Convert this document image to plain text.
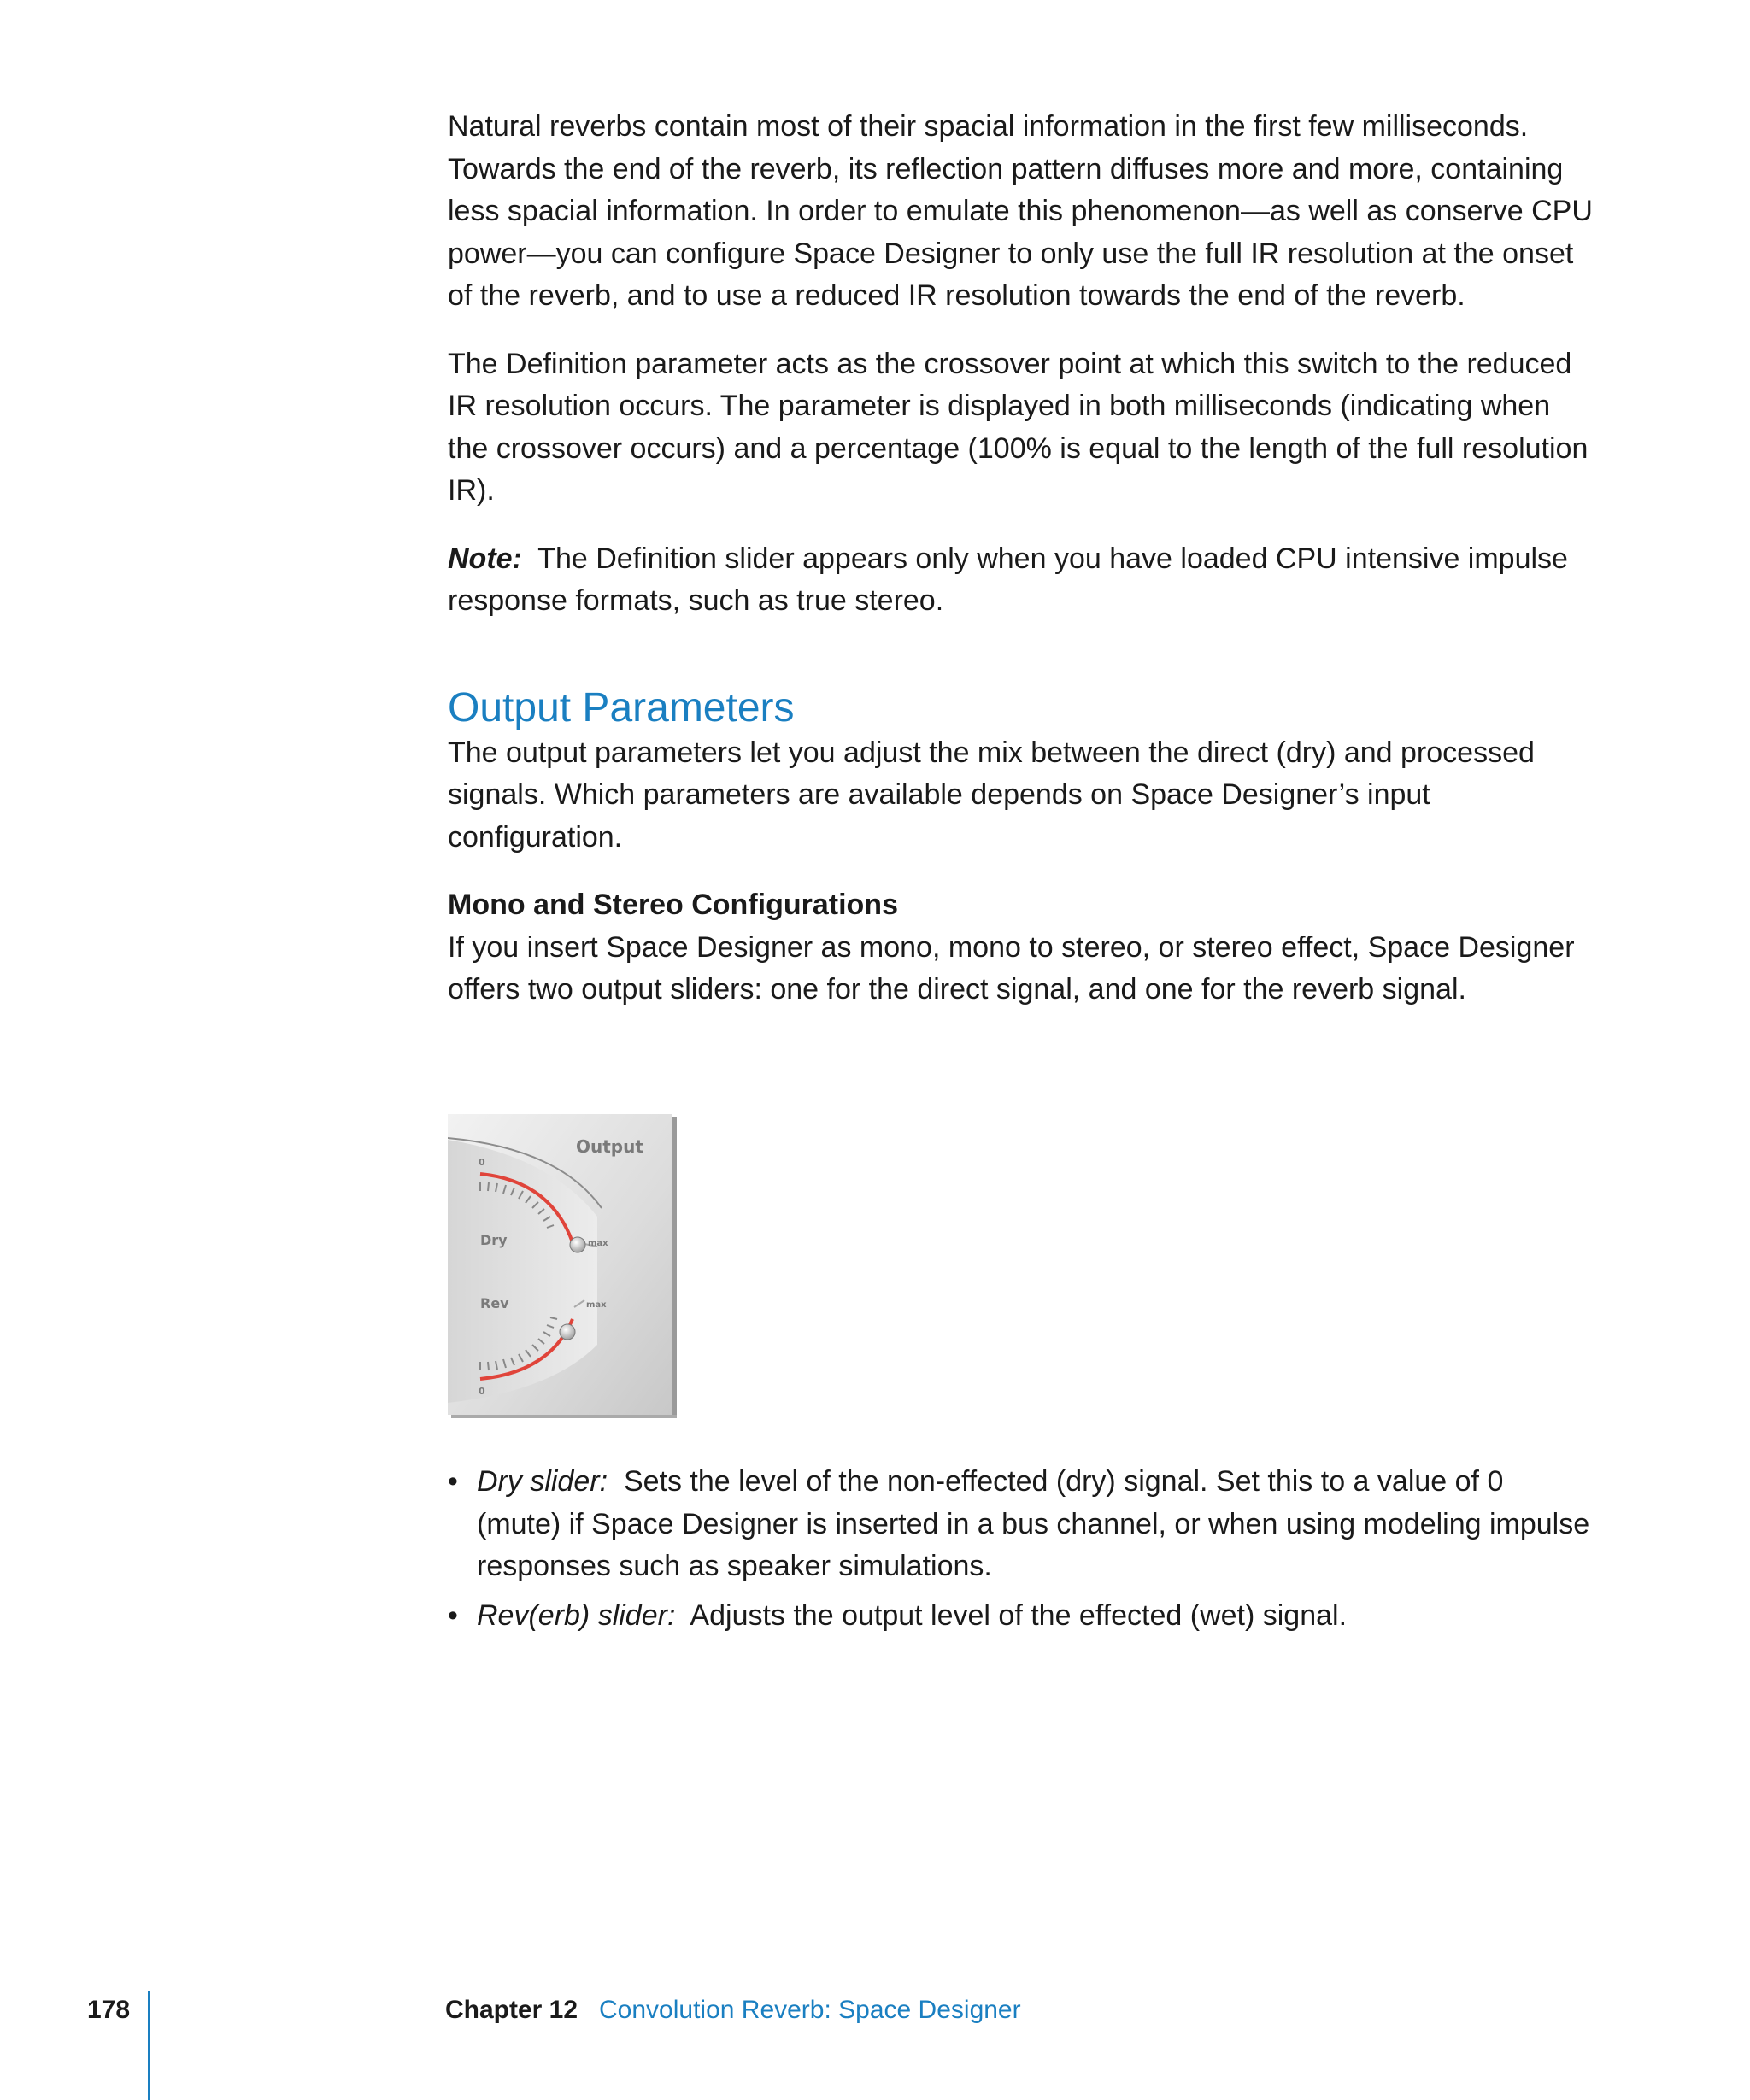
Natural reverbs contain most of their spacial information in the first few milliseconds. Towards the end of the reverb, its reflection pattern diffuses more and more, containing less spacial information. In order to emulate this phenomenon—as well as conserve CPU power—you can configure Space Designer to only use the full IR resolution at the onset of the reverb, and to use a reduced IR resolution towards the end of the reverb.

The Definition parameter acts as the crossover point at which this switch to the reduced IR resolution occurs. The parameter is displayed in both milliseconds (indicating when the crossover occurs) and a percentage (100% is equal to the length of the full resolution IR).

Note: The Definition slider appears only when you have loaded CPU intensive impulse response formats, such as true stereo.

Output Parameters

The output parameters let you adjust the mix between the direct (dry) and processed signals. Which parameters are available depends on Space Designer’s input configuration.

Mono and Stereo Configurations

If you insert Space Designer as mono, mono to stereo, or stereo effect, Space Designer offers two output sliders: one for the direct signal, and one for the reverb signal.

Output
0
Dry	max
Rev	max
0
• Dry slider: Sets the level of the non-effected (dry) signal. Set this to a value of 0 (mute) if Space Designer is inserted in a bus channel, or when using modeling impulse responses such as speaker simulations.
• Rev(erb) slider: Adjusts the output level of the effected (wet) signal.
178	Chapter 12 Convolution Reverb: Space Designer
